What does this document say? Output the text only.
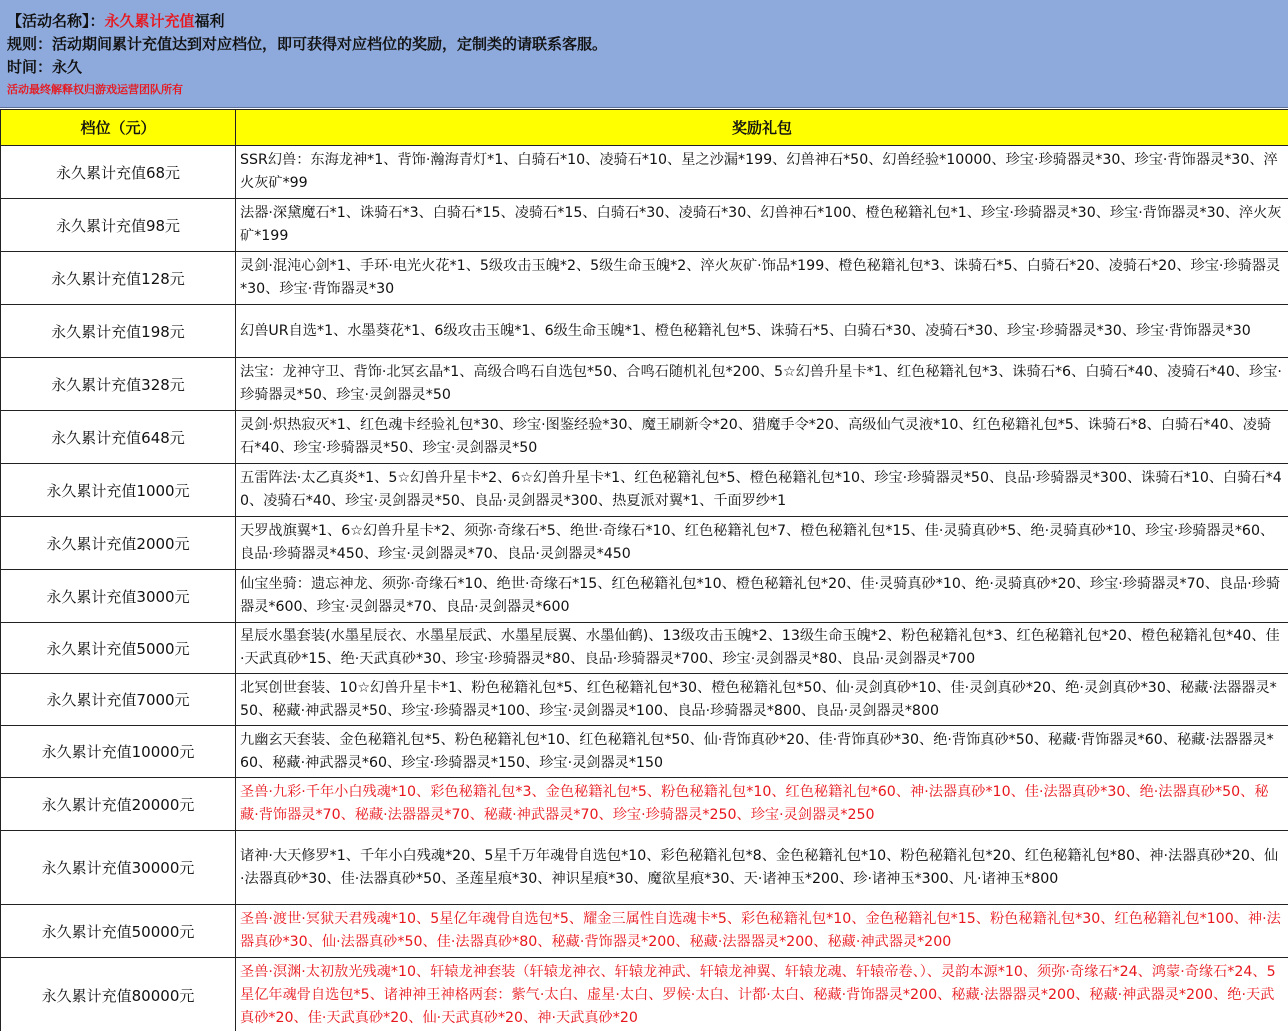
【活动名称】：永久累计充值福利
规则：活动期间累计充值达到对应档位，即可获得对应档位的奖励，定制类的请联系客服。
时间：永久
活动最终解释权归游戏运营团队所有
档位（元）	奖励礼包
永久累计充值68元	SSR幻兽：东海龙神*1、背饰·瀚海青灯*1、白骑石*10、凌骑石*10、星之沙漏*199、幻兽神石*50、幻兽经验*10000、珍宝·珍骑器灵*30、珍宝·背饰器灵*30、淬火灰矿*99
永久累计充值98元	法器·深黛魔石*1、诛骑石*3、白骑石*15、凌骑石*15、白骑石*30、凌骑石*30、幻兽神石*100、橙色秘籍礼包*1、珍宝·珍骑器灵*30、珍宝·背饰器灵*30、淬火灰矿*199
永久累计充值128元	灵剑·混沌心剑*1、手环·电光火花*1、5级攻击玉魄*2、5级生命玉魄*2、淬火灰矿·饰品*199、橙色秘籍礼包*3、诛骑石*5、白骑石*20、凌骑石*20、珍宝·珍骑器灵*30、珍宝·背饰器灵*30
永久累计充值198元	幻兽UR自选*1、水墨葵花*1、6级攻击玉魄*1、6级生命玉魄*1、橙色秘籍礼包*5、诛骑石*5、白骑石*30、凌骑石*30、珍宝·珍骑器灵*30、珍宝·背饰器灵*30
永久累计充值328元	法宝：龙神守卫、背饰·北冥玄晶*1、高级合鸣石自选包*50、合鸣石随机礼包*200、5☆幻兽升星卡*1、红色秘籍礼包*3、诛骑石*6、白骑石*40、凌骑石*40、珍宝·珍骑器灵*50、珍宝·灵剑器灵*50
永久累计充值648元	灵剑·炽热寂灭*1、红色魂卡经验礼包*30、珍宝·图鉴经验*30、魔王刷新令*20、猎魔手令*20、高级仙气灵液*10、红色秘籍礼包*5、诛骑石*8、白骑石*40、凌骑石*40、珍宝·珍骑器灵*50、珍宝·灵剑器灵*50
永久累计充值1000元	五雷阵法·太乙真炎*1、5☆幻兽升星卡*2、6☆幻兽升星卡*1、红色秘籍礼包*5、橙色秘籍礼包*10、珍宝·珍骑器灵*50、良品·珍骑器灵*300、诛骑石*10、白骑石*40、凌骑石*40、珍宝·灵剑器灵*50、良品·灵剑器灵*300、热夏派对翼*1、千面罗纱*1
永久累计充值2000元	天罗战旗翼*1、6☆幻兽升星卡*2、须弥·奇缘石*5、绝世·奇缘石*10、红色秘籍礼包*7、橙色秘籍礼包*15、佳·灵骑真砂*5、绝·灵骑真砂*10、珍宝·珍骑器灵*60、良品·珍骑器灵*450、珍宝·灵剑器灵*70、良品·灵剑器灵*450
永久累计充值3000元	仙宝坐骑：遗忘神龙、须弥·奇缘石*10、绝世·奇缘石*15、红色秘籍礼包*10、橙色秘籍礼包*20、佳·灵骑真砂*10、绝·灵骑真砂*20、珍宝·珍骑器灵*70、良品·珍骑器灵*600、珍宝·灵剑器灵*70、良品·灵剑器灵*600
永久累计充值5000元	星辰水墨套装(水墨星辰衣、水墨星辰武、水墨星辰翼、水墨仙鹤)、13级攻击玉魄*2、13级生命玉魄*2、粉色秘籍礼包*3、红色秘籍礼包*20、橙色秘籍礼包*40、佳·天武真砂*15、绝·天武真砂*30、珍宝·珍骑器灵*80、良品·珍骑器灵*700、珍宝·灵剑器灵*80、良品·灵剑器灵*700
永久累计充值7000元	北冥创世套装、10☆幻兽升星卡*1、粉色秘籍礼包*5、红色秘籍礼包*30、橙色秘籍礼包*50、仙·灵剑真砂*10、佳·灵剑真砂*20、绝·灵剑真砂*30、秘藏·法器器灵*50、秘藏·神武器灵*50、珍宝·珍骑器灵*100、珍宝·灵剑器灵*100、良品·珍骑器灵*800、良品·灵剑器灵*800
永久累计充值10000元	九幽玄天套装、金色秘籍礼包*5、粉色秘籍礼包*10、红色秘籍礼包*50、仙·背饰真砂*20、佳·背饰真砂*30、绝·背饰真砂*50、秘藏·背饰器灵*60、秘藏·法器器灵*60、秘藏·神武器灵*60、珍宝·珍骑器灵*150、珍宝·灵剑器灵*150
永久累计充值20000元	圣兽·九彩·千年小白残魂*10、彩色秘籍礼包*3、金色秘籍礼包*5、粉色秘籍礼包*10、红色秘籍礼包*60、神·法器真砂*10、佳·法器真砂*30、绝·法器真砂*50、秘藏·背饰器灵*70、秘藏·法器器灵*70、秘藏·神武器灵*70、珍宝·珍骑器灵*250、珍宝·灵剑器灵*250
永久累计充值30000元	诸神·大天修罗*1、千年小白残魂*20、5星千万年魂骨自选包*10、彩色秘籍礼包*8、金色秘籍礼包*10、粉色秘籍礼包*20、红色秘籍礼包*80、神·法器真砂*20、仙·法器真砂*30、佳·法器真砂*50、圣莲星痕*30、神识星痕*30、魔欲星痕*30、天·诸神玉*200、珍·诸神玉*300、凡·诸神玉*800
永久累计充值50000元	圣兽·渡世·冥狱天君残魂*10、5星亿年魂骨自选包*5、耀金三属性自选魂卡*5、彩色秘籍礼包*10、金色秘籍礼包*15、粉色秘籍礼包*30、红色秘籍礼包*100、神·法器真砂*30、仙·法器真砂*50、佳·法器真砂*80、秘藏·背饰器灵*200、秘藏·法器器灵*200、秘藏·神武器灵*200
永久累计充值80000元	圣兽·溟渊·太初敖光残魂*10、轩辕龙神套装（轩辕龙神衣、轩辕龙神武、轩辕龙神翼、轩辕龙魂、轩辕帝卷、）、灵韵本源*10、须弥·奇缘石*24、鸿蒙·奇缘石*24、5星亿年魂骨自选包*5、诸神神王神格两套：紫气·太白、虚星·太白、罗候·太白、计都·太白、秘藏·背饰器灵*200、秘藏·法器器灵*200、秘藏·神武器灵*200、绝·天武真砂*20、佳·天武真砂*20、仙·天武真砂*20、神·天武真砂*20
